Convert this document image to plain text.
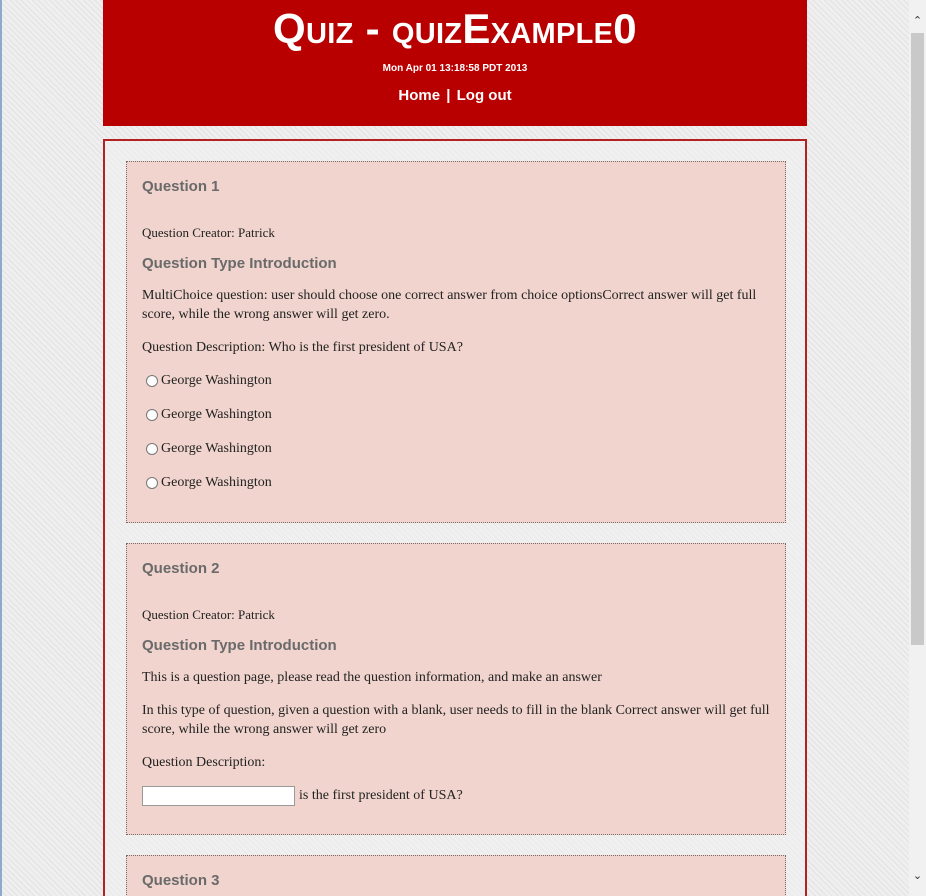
Quiz - quizExample0
Mon Apr 01 13:18:58 PDT 2013
Home | Log out
Question 1
Question Creator: Patrick
Question Type Introduction
MultiChoice question: user should choose one correct answer from choice optionsCorrect answer will get full score, while the wrong answer will get zero.
Question Description: Who is the first president of USA?
George Washington
George Washington
George Washington
George Washington
Question 2
Question Creator: Patrick
Question Type Introduction
This is a question page, please read the question information, and make an answer
In this type of question, given a question with a blank, user needs to fill in the blank Correct answer will get full score, while the wrong answer will get zero
Question Description:
is the first president of USA?
Question 3
⌃
⌄
